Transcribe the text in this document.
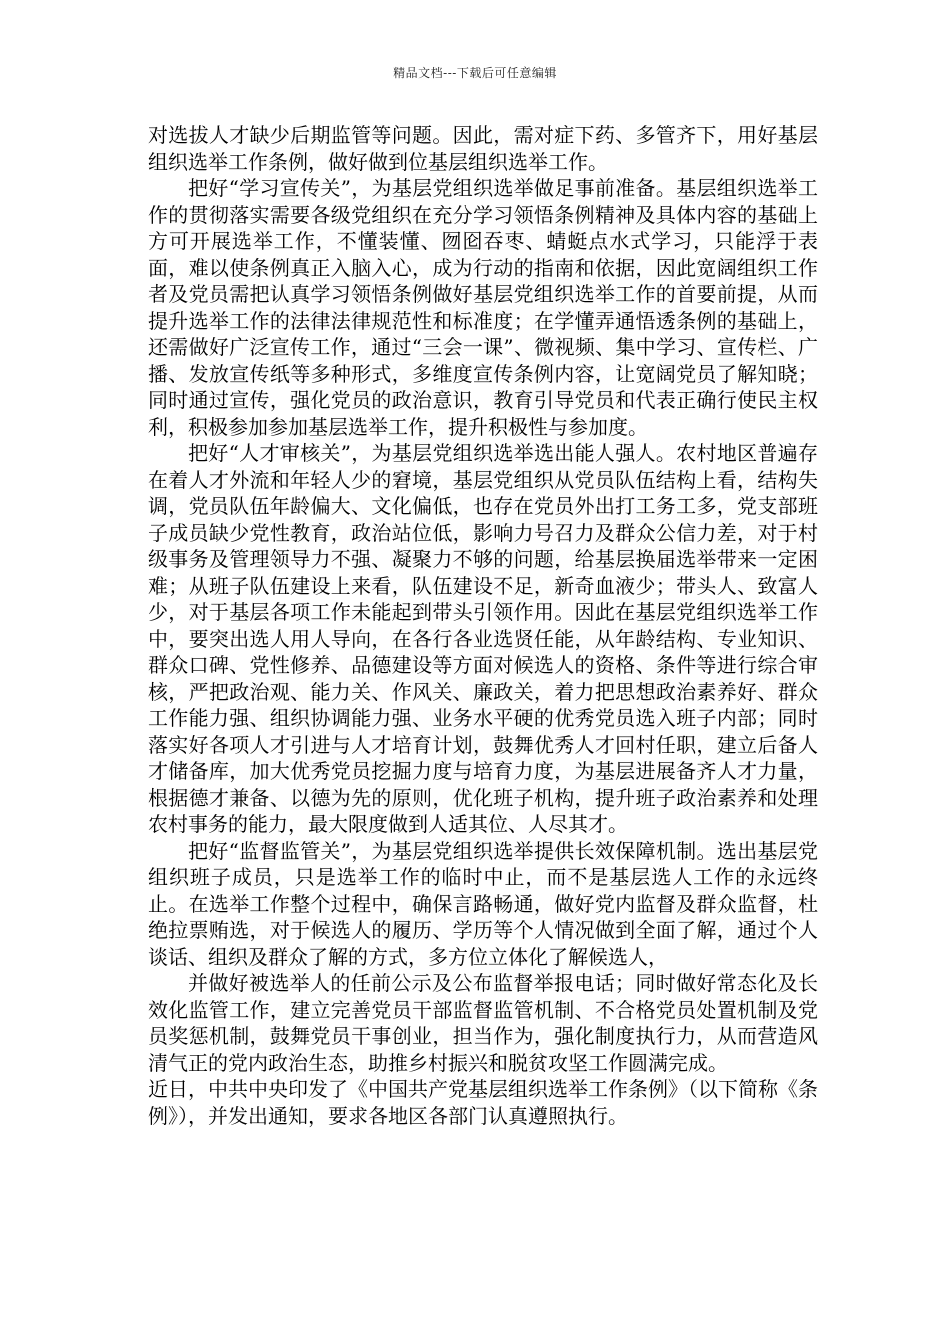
精品文档---下载后可任意编辑

对选拔人才缺少后期监管等问题。因此，需对症下药、多管齐下，用好基层组织选举工作条例，做好做到位基层组织选举工作。

把好“学习宣传关”，为基层党组织选举做足事前准备。基层组织选举工作的贯彻落实需要各级党组织在充分学习领悟条例精神及具体内容的基础上方可开展选举工作，不懂装懂、囫囵吞枣、蜻蜓点水式学习，只能浮于表面，难以使条例真正入脑入心，成为行动的指南和依据，因此宽阔组织工作者及党员需把认真学习领悟条例做好基层党组织选举工作的首要前提，从而提升选举工作的法律法律规范性和标准度；在学懂弄通悟透条例的基础上，还需做好广泛宣传工作，通过“三会一课”、微视频、集中学习、宣传栏、广播、发放宣传纸等多种形式，多维度宣传条例内容，让宽阔党员了解知晓；同时通过宣传，强化党员的政治意识，教育引导党员和代表正确行使民主权利，积极参加参加基层选举工作，提升积极性与参加度。

把好“人才审核关”，为基层党组织选举选出能人强人。农村地区普遍存在着人才外流和年轻人少的窘境，基层党组织从党员队伍结构上看，结构失调，党员队伍年龄偏大、文化偏低，也存在党员外出打工务工多，党支部班子成员缺少党性教育，政治站位低，影响力号召力及群众公信力差，对于村级事务及管理领导力不强、凝聚力不够的问题，给基层换届选举带来一定困难；从班子队伍建设上来看，队伍建设不足，新奇血液少；带头人、致富人少，对于基层各项工作未能起到带头引领作用。因此在基层党组织选举工作中，要突出选人用人导向，在各行各业选贤任能，从年龄结构、专业知识、群众口碑、党性修养、品德建设等方面对候选人的资格、条件等进行综合审核，严把政治观、能力关、作风关、廉政关，着力把思想政治素养好、群众工作能力强、组织协调能力强、业务水平硬的优秀党员选入班子内部；同时落实好各项人才引进与人才培育计划，鼓舞优秀人才回村任职，建立后备人才储备库，加大优秀党员挖掘力度与培育力度，为基层进展备齐人才力量，根据德才兼备、以德为先的原则，优化班子机构，提升班子政治素养和处理农村事务的能力，最大限度做到人适其位、人尽其才。

把好“监督监管关”，为基层党组织选举提供长效保障机制。选出基层党组织班子成员，只是选举工作的临时中止，而不是基层选人工作的永远终止。在选举工作整个过程中，确保言路畅通，做好党内监督及群众监督，杜绝拉票贿选，对于候选人的履历、学历等个人情况做到全面了解，通过个人谈话、组织及群众了解的方式，多方位立体化了解候选人，

并做好被选举人的任前公示及公布监督举报电话；同时做好常态化及长效化监管工作，建立完善党员干部监督监管机制、不合格党员处置机制及党员奖惩机制，鼓舞党员干事创业，担当作为，强化制度执行力，从而营造风清气正的党内政治生态，助推乡村振兴和脱贫攻坚工作圆满完成。

近日，中共中央印发了《中国共产党基层组织选举工作条例》（以下简称《条例》），并发出通知，要求各地区各部门认真遵照执行。
